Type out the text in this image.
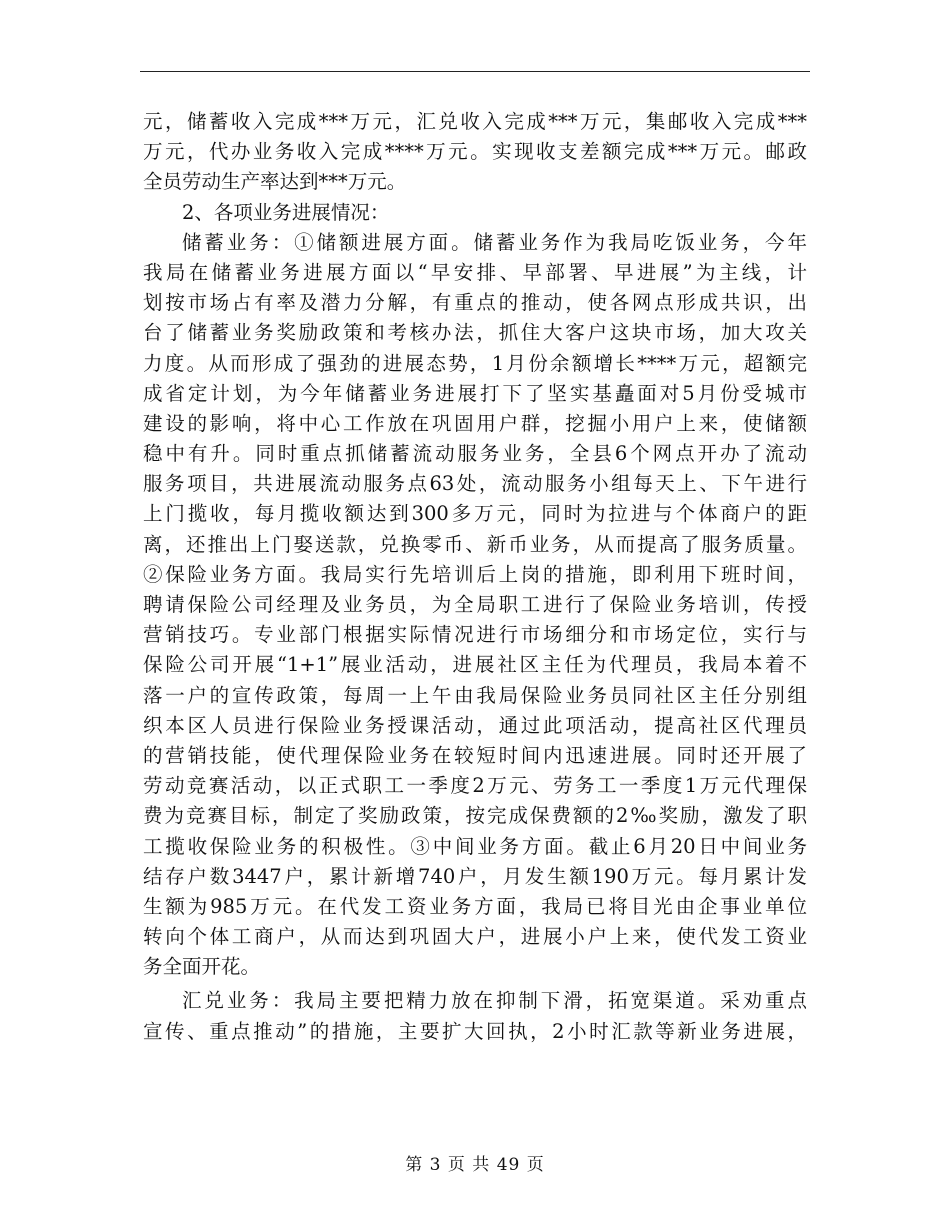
元，储蓄收入完成***万元，汇兑收入完成***万元，集邮收入完成***
万元，代办业务收入完成****万元。实现收支差额完成***万元。邮政
全员劳动生产率达到***万元。
2、各项业务进展情况：
储蓄业务：①储额进展方面。储蓄业务作为我局吃饭业务，今年
我局在储蓄业务进展方面以“早安排、早部署、早进展”为主线，计
划按市场占有率及潜力分解，有重点的推动，使各网点形成共识，出
台了储蓄业务奖励政策和考核办法，抓住大客户这块市场，加大攻关
力度。从而形成了强劲的进展态势，1月份余额增长****万元，超额完
成省定计划，为今年储蓄业务进展打下了坚实基矗面对5月份受城市
建设的影响，将中心工作放在巩固用户群，挖掘小用户上来，使储额
稳中有升。同时重点抓储蓄流动服务业务，全县6个网点开办了流动
服务项目，共进展流动服务点63处，流动服务小组每天上、下午进行
上门揽收，每月揽收额达到300多万元，同时为拉进与个体商户的距
离，还推出上门娶送款，兑换零币、新币业务，从而提高了服务质量。
②保险业务方面。我局实行先培训后上岗的措施，即利用下班时间，
聘请保险公司经理及业务员，为全局职工进行了保险业务培训，传授
营销技巧。专业部门根据实际情况进行市场细分和市场定位，实行与
保险公司开展“1+1”展业活动，进展社区主任为代理员，我局本着不
落一户的宣传政策，每周一上午由我局保险业务员同社区主任分别组
织本区人员进行保险业务授课活动，通过此项活动，提高社区代理员
的营销技能，使代理保险业务在较短时间内迅速进展。同时还开展了
劳动竞赛活动，以正式职工一季度2万元、劳务工一季度1万元代理保
费为竞赛目标，制定了奖励政策，按完成保费额的2‰奖励，激发了职
工揽收保险业务的积极性。③中间业务方面。截止6月20日中间业务
结存户数3447户，累计新增740户，月发生额190万元。每月累计发
生额为985万元。在代发工资业务方面，我局已将目光由企事业单位
转向个体工商户，从而达到巩固大户，进展小户上来，使代发工资业
务全面开花。
汇兑业务：我局主要把精力放在抑制下滑，拓宽渠道。采劝重点
宣传、重点推动”的措施，主要扩大回执，2小时汇款等新业务进展，
第 3 页 共 49 页
